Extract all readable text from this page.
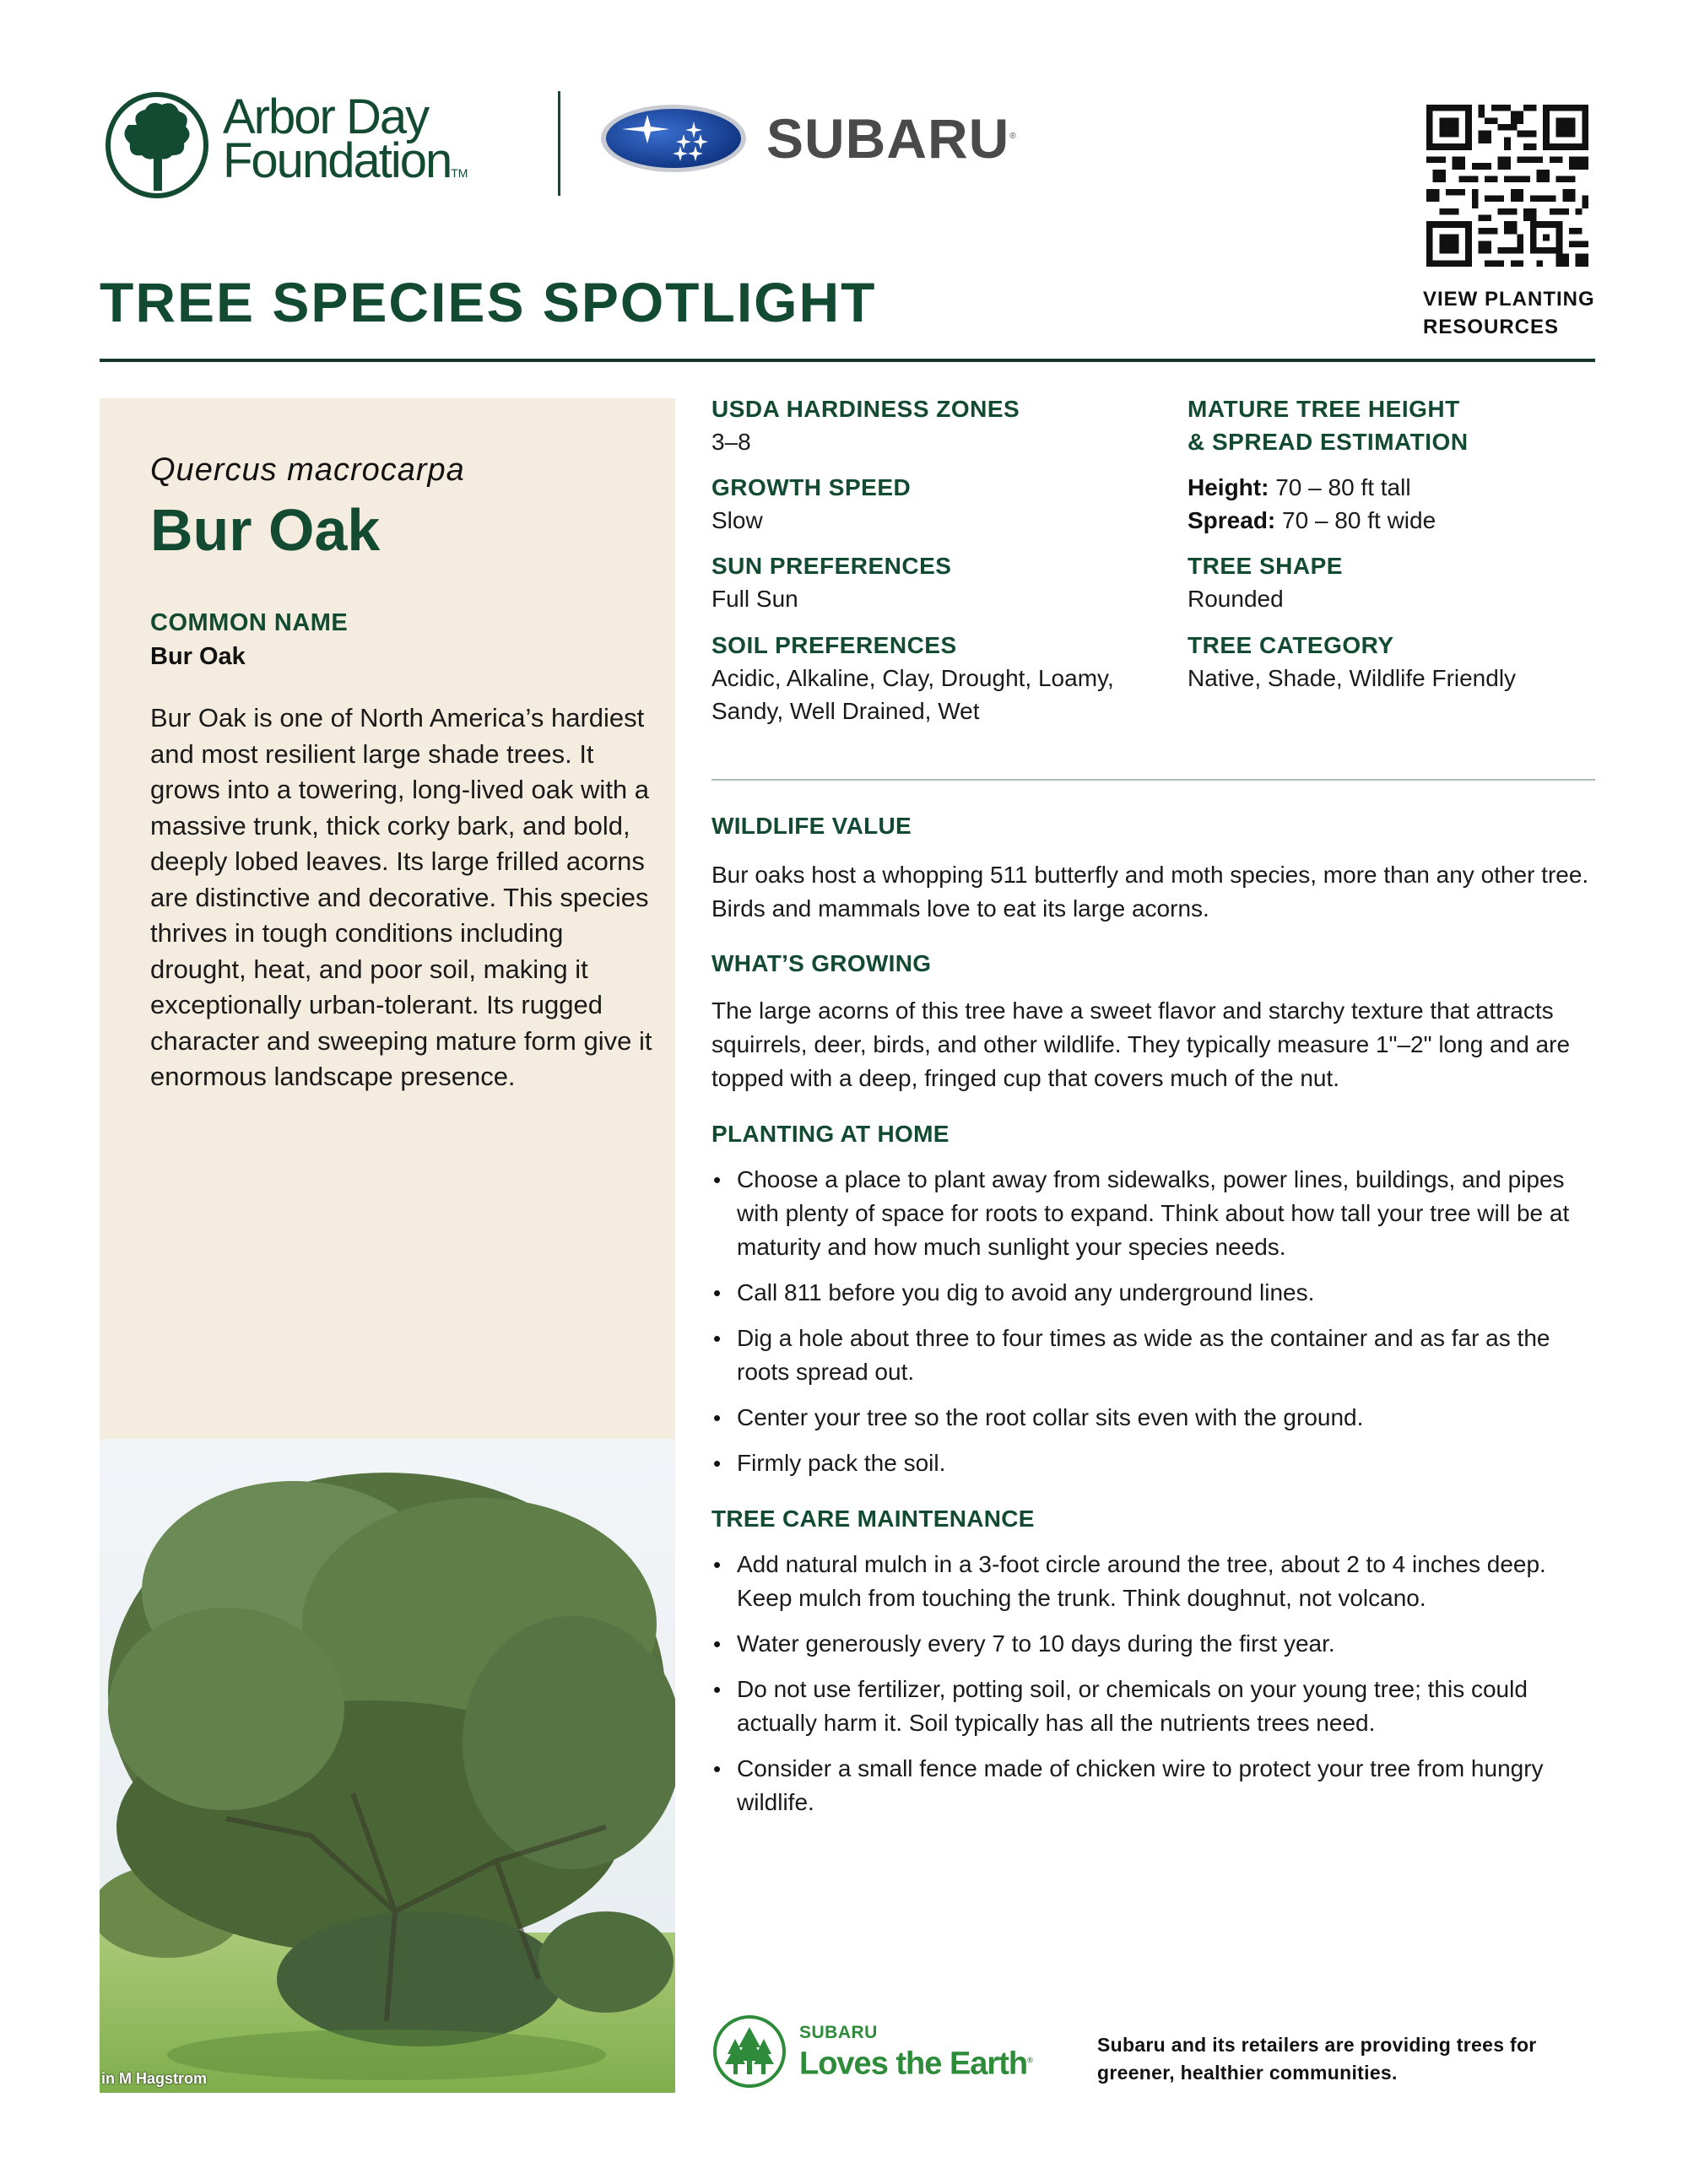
Arbor Day
FoundationTM
SUBARU®
VIEW PLANTING
RESOURCES
TREE SPECIES SPOTLIGHT
Quercus macrocarpa
Bur Oak
COMMON NAME
Bur Oak

Bur Oak is one of North America’s hardiest and most resilient large shade trees. It grows into a towering, long-lived oak with a massive trunk, thick corky bark, and bold, deeply lobed leaves. Its large frilled acorns are distinctive and decorative. This species thrives in tough conditions including drought, heat, and poor soil, making it exceptionally urban-tolerant. Its rugged character and sweeping mature form give it enormous landscape presence.

in M Hagstrom
USDA HARDINESS ZONES
3–8
GROWTH SPEED
Slow
SUN PREFERENCES
Full Sun
SOIL PREFERENCES
Acidic, Alkaline, Clay, Drought, Loamy, Sandy, Well Drained, Wet
MATURE TREE HEIGHT
& SPREAD ESTIMATION
Height: 70 – 80 ft tall
Spread: 70 – 80 ft wide
TREE SHAPE
Rounded
TREE CATEGORY
Native, Shade, Wildlife Friendly
WILDLIFE VALUE

Bur oaks host a whopping 511 butterfly and moth species, more than any other tree. Birds and mammals love to eat its large acorns.

WHAT’S GROWING

The large acorns of this tree have a sweet flavor and starchy texture that attracts squirrels, deer, birds, and other wildlife. They typically measure 1"–2" long and are topped with a deep, fringed cup that covers much of the nut.

PLANTING AT HOME
• Choose a place to plant away from sidewalks, power lines, buildings, and pipes with plenty of space for roots to expand. Think about how tall your tree will be at maturity and how much sunlight your species needs.
• Call 811 before you dig to avoid any underground lines.
• Dig a hole about three to four times as wide as the container and as far as the roots spread out.
• Center your tree so the root collar sits even with the ground.
• Firmly pack the soil.
TREE CARE MAINTENANCE
• Add natural mulch in a 3-foot circle around the tree, about 2 to 4 inches deep. Keep mulch from touching the trunk. Think doughnut, not volcano.
• Water generously every 7 to 10 days during the first year.
• Do not use fertilizer, potting soil, or chemicals on your young tree; this could actually harm it. Soil typically has all the nutrients trees need.
• Consider a small fence made of chicken wire to protect your tree from hungry wildlife.
SUBARU
Loves the Earth®

Subaru and its retailers are providing trees for greener, healthier communities.
